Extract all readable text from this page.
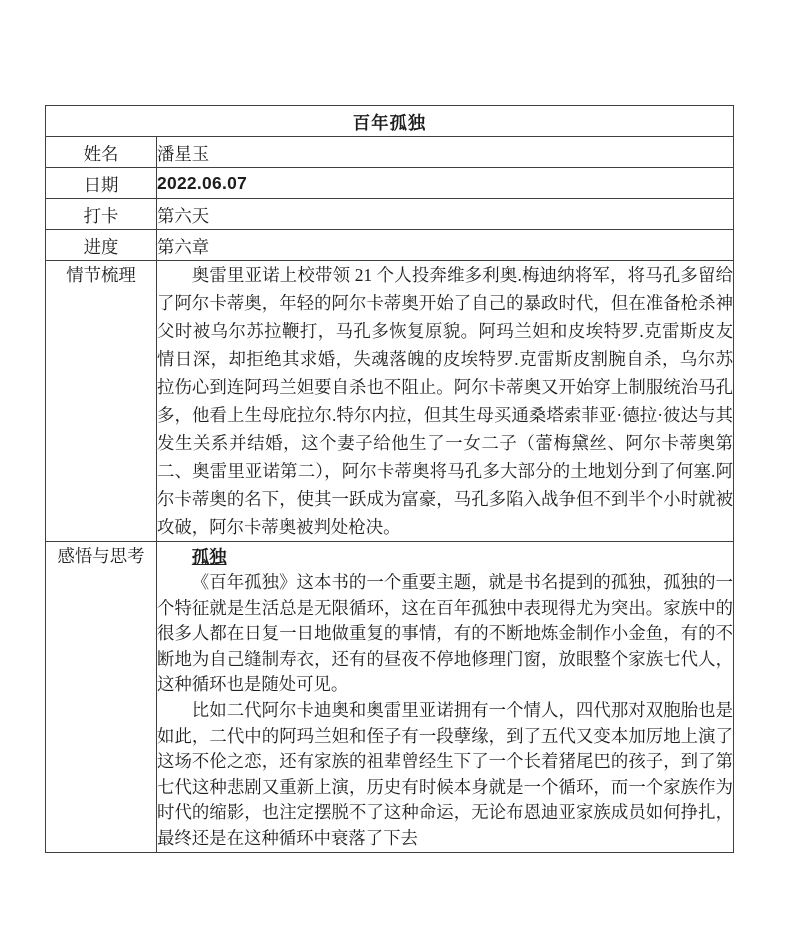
百年孤独	
姓名	潘星玉
日期	2022.06.07
打卡	第六天
进度	第六章
情节梳理	奥雷里亚诺上校带领 21 个人投奔维多利奥.梅迪纳将军，将马孔多留给了阿尔卡蒂奥，年轻的阿尔卡蒂奥开始了自己的暴政时代，但在准备枪杀神父时被乌尔苏拉鞭打，马孔多恢复原貌。阿玛兰妲和皮埃特罗.克雷斯皮友情日深，却拒绝其求婚，失魂落魄的皮埃特罗.克雷斯皮割腕自杀，乌尔苏拉伤心到连阿玛兰妲要自杀也不阻止。阿尔卡蒂奥又开始穿上制服统治马孔多，他看上生母庇拉尔.特尔内拉，但其生母买通桑塔索菲亚·德拉·彼达与其发生关系并结婚，这个妻子给他生了一女二子（蕾梅黛丝、阿尔卡蒂奥第二、奥雷里亚诺第二），阿尔卡蒂奥将马孔多大部分的土地划分到了何塞.阿尔卡蒂奥的名下，使其一跃成为富豪，马孔多陷入战争但不到半个小时就被攻破，阿尔卡蒂奥被判处枪决。

感悟与思考	孤独

《百年孤独》这本书的一个重要主题，就是书名提到的孤独，孤独的一个特征就是生活总是无限循环，这在百年孤独中表现得尤为突出。家族中的很多人都在日复一日地做重复的事情，有的不断地炼金制作小金鱼，有的不断地为自己缝制寿衣，还有的昼夜不停地修理门窗，放眼整个家族七代人，这种循环也是随处可见。

比如二代阿尔卡迪奥和奥雷里亚诺拥有一个情人，四代那对双胞胎也是如此，二代中的阿玛兰妲和侄子有一段孽缘，到了五代又变本加厉地上演了这场不伦之恋，还有家族的祖辈曾经生下了一个长着猪尾巴的孩子，到了第七代这种悲剧又重新上演，历史有时候本身就是一个循环，而一个家族作为时代的缩影，也注定摆脱不了这种命运，无论布恩迪亚家族成员如何挣扎，最终还是在这种循环中衰落了下去
